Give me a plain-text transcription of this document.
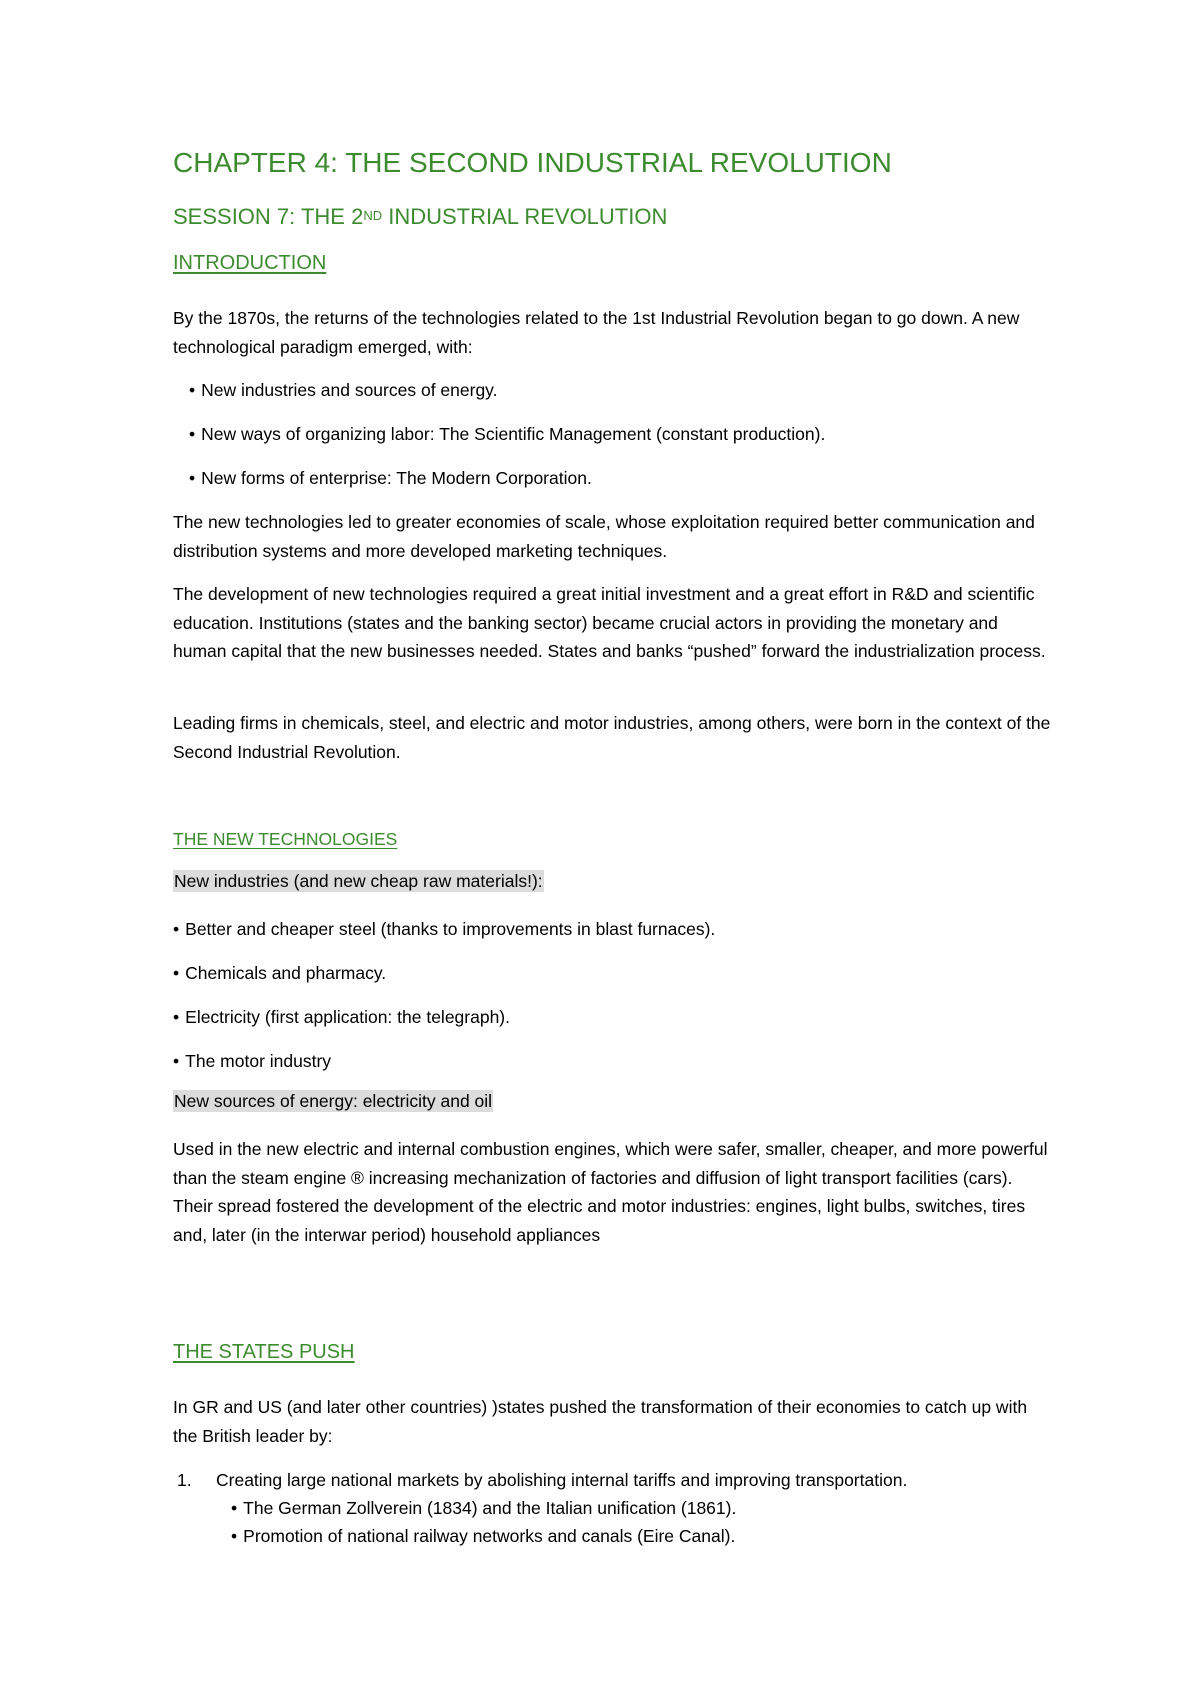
CHAPTER 4: THE SECOND INDUSTRIAL REVOLUTION
SESSION 7: THE 2ND INDUSTRIAL REVOLUTION
INTRODUCTION
By the 1870s, the returns of the technologies related to the 1st Industrial Revolution began to go down. A new technological paradigm emerged, with:
• New industries and sources of energy.
• New ways of organizing labor: The Scientific Management (constant production).
• New forms of enterprise: The Modern Corporation.
The new technologies led to greater economies of scale, whose exploitation required better communication and distribution systems and more developed marketing techniques.
The development of new technologies required a great initial investment and a great effort in R&D and scientific education. Institutions (states and the banking sector) became crucial actors in providing the monetary and human capital that the new businesses needed. States and banks “pushed” forward the industrialization process.
Leading firms in chemicals, steel, and electric and motor industries, among others, were born in the context of the Second Industrial Revolution.
THE NEW TECHNOLOGIES
New industries (and new cheap raw materials!):
• Better and cheaper steel (thanks to improvements in blast furnaces).
• Chemicals and pharmacy.
• Electricity (first application: the telegraph).
• The motor industry
New sources of energy: electricity and oil
Used in the new electric and internal combustion engines, which were safer, smaller, cheaper, and more powerful than the steam engine ® increasing mechanization of factories and diffusion of light transport facilities (cars). Their spread fostered the development of the electric and motor industries: engines, light bulbs, switches, tires and, later (in the interwar period) household appliances
THE STATES PUSH
In GR and US (and later other countries) )states pushed the transformation of their economies to catch up with the British leader by:
1.	Creating large national markets by abolishing internal tariffs and improving transportation.
• The German Zollverein (1834) and the Italian unification (1861).
• Promotion of national railway networks and canals (Eire Canal).
